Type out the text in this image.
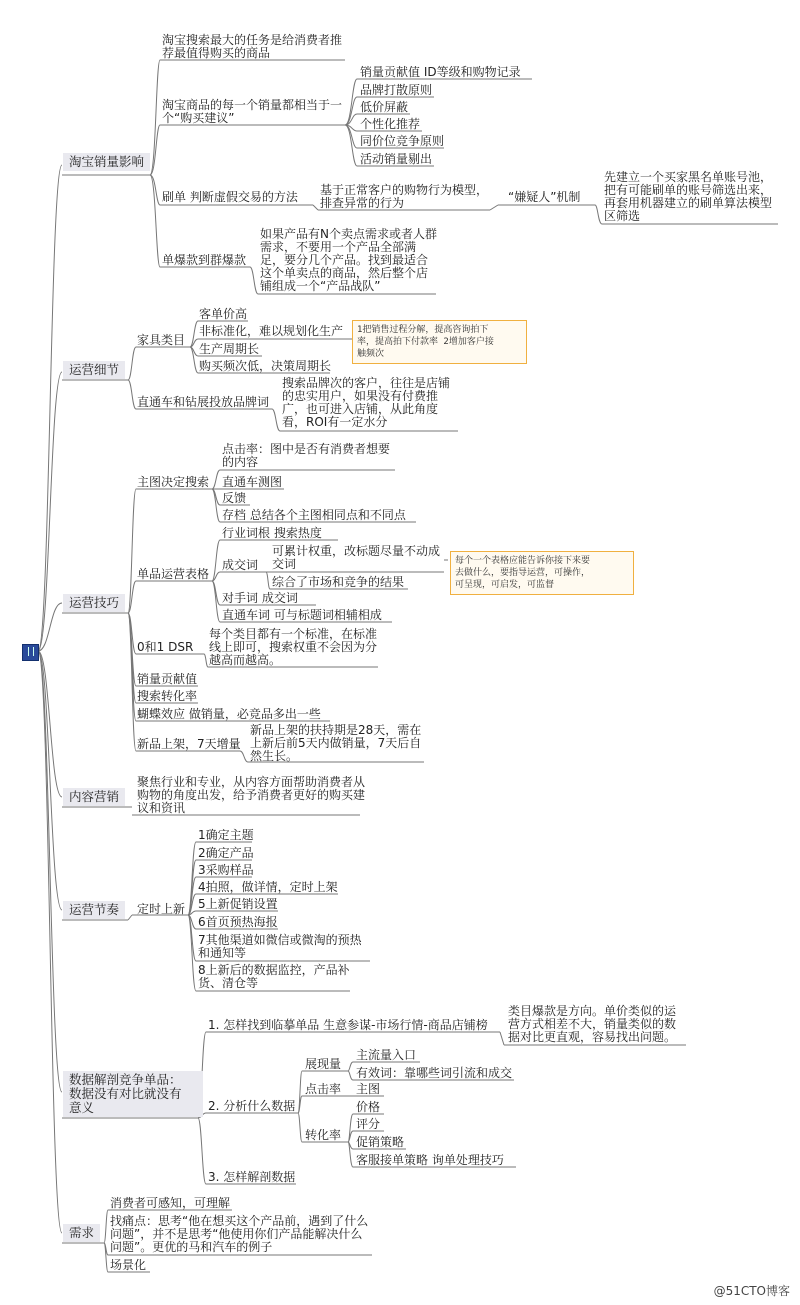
淘宝销量影响
淘宝搜索最大的任务是给消费者推
荐最值得购买的商品
淘宝商品的每一个销量都相当于一
个“购买建议”
销量贡献值 ID等级和购物记录
品牌打散原则
低价屏蔽
个性化推荐
同价位竞争原则
活动销量剔出
刷单 判断虚假交易的方法 基于正常客户的购物行为模型，
排查异常的行为	“嫌疑人”机制
先建立一个买家黑名单账号池，
把有可能刷单的账号筛选出来，
再套用机器建立的刷单算法模型
区筛选
单爆款到群爆款
如果产品有N个卖点需求或者人群
需求，不要用一个产品全部满
足，要分几个产品。找到最适合
这个单卖点的商品，然后整个店
铺组成一个“产品战队”
运营细节
家具类目
客单价高
非标准化，难以规划化生产
生产周期长
购买频次低，决策周期长
1把销售过程分解，提高咨询拍下
率，提高拍下付款率 2增加客户接
触频次
直通车和钻展投放品牌词
搜索品牌次的客户，往往是店铺
的忠实用户，如果没有付费推
广，也可进入店铺，从此角度
看，ROI有一定水分
运营技巧
主图决定搜索
点击率：图中是否有消费者想要
的内容
直通车测图
反馈
存档 总结各个主图相同点和不同点
单品运营表格
行业词根 搜索热度
成交词
可累计权重，改标题尽量不动成
交词
综合了市场和竞争的结果
对手词 成交词
直通车词 可与标题词相辅相成
每个一个表格应能告诉你接下来要
去做什么，要指导运营，可操作，
可呈现，可启发，可监督
0和1 DSR
每个类目都有一个标准，在标准
线上即可，搜索权重不会因为分
越高而越高。
销量贡献值
搜索转化率
蝴蝶效应 做销量，必竞品多出一些
新品上架，7天增量
新品上架的扶持期是28天，需在
上新后前5天内做销量，7天后自
然生长。
内容营销
聚焦行业和专业，从内容方面帮助消费者从
购物的角度出发，给予消费者更好的购买建
议和资讯
运营节奏	定时上新
1确定主题
2确定产品
3采购样品
4拍照，做详情，定时上架
5上新促销设置
6首页预热海报
7其他渠道如微信或微淘的预热
和通知等
8上新后的数据监控，产品补
货、清仓等
数据解剖竞争单品：
数据没有对比就没有
意义
1. 怎样找到临摹单品 生意参谋-市场行情-商品店铺榜
类目爆款是方向。单价类似的运
营方式相差不大，销量类似的数
据对比更直观，容易找出问题。
2. 分析什么数据
展现量
主流量入口
有效词：靠哪些词引流和成交
点击率 主图
转化率
价格
评分
促销策略
客服接单策略 询单处理技巧
3. 怎样解剖数据
需求
消费者可感知，可理解
找痛点：思考“他在想买这个产品前，遇到了什么
问题”，并不是思考“他使用你们产品能解决什么
问题”。更优的马和汽车的例子
场景化
@51CTO博客
